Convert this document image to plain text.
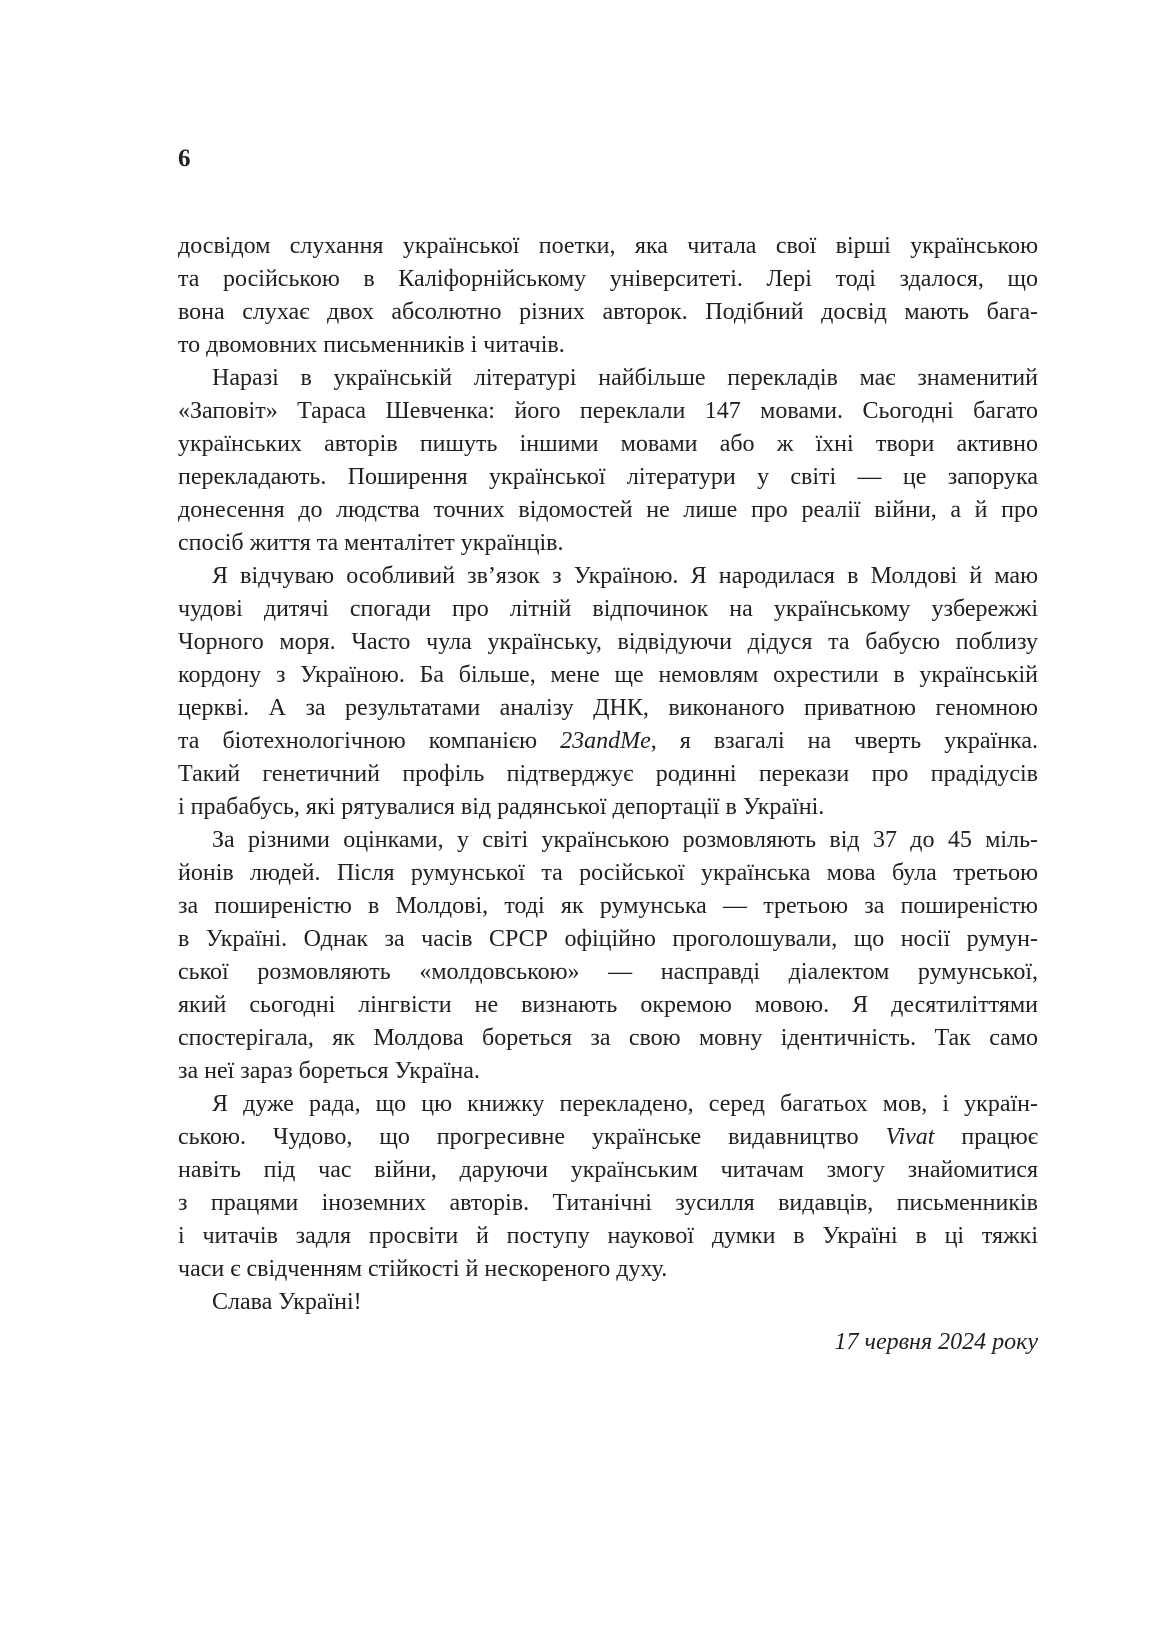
6
досвідом слухання української поетки, яка читала свої вірші українською
та російською в Каліфорнійському університеті. Лері тоді здалося, що
вона слухає двох абсолютно різних авторок. Подібний досвід мають бага-
то двомовних письменників і читачів.
Наразі в українській літературі найбільше перекладів має знаменитий
«Заповіт» Тараса Шевченка: його переклали 147 мовами. Сьогодні багато
українських авторів пишуть іншими мовами або ж їхні твори активно
перекладають. Поширення української літератури у світі — це запорука
донесення до людства точних відомостей не лише про реалії війни, а й про
спосіб життя та менталітет українців.
Я відчуваю особливий зв’язок з Україною. Я народилася в Молдові й маю
чудові дитячі спогади про літній відпочинок на українському узбережжі
Чорного моря. Часто чула українську, відвідуючи дідуся та бабусю поблизу
кордону з Україною. Ба більше, мене ще немовлям охрестили в українській
церкві. А за результатами аналізу ДНК, виконаного приватною геномною
та біотехнологічною компанією 23andMe, я взагалі на чверть українка.
Такий генетичний профіль підтверджує родинні перекази про прадідусів
і прабабусь, які рятувалися від радянської депортації в Україні.
За різними оцінками, у світі українською розмовляють від 37 до 45 міль-
йонів людей. Після румунської та російської українська мова була третьою
за поширеністю в Молдові, тоді як румунська — третьою за поширеністю
в Україні. Однак за часів СРСР офіційно проголошували, що носії румун-
ської розмовляють «молдовською» — насправді діалектом румунської,
який сьогодні лінгвісти не визнають окремою мовою. Я десятиліттями
спостерігала, як Молдова бореться за свою мовну ідентичність. Так само
за неї зараз бореться Україна.
Я дуже рада, що цю книжку перекладено, серед багатьох мов, і україн-
ською. Чудово, що прогресивне українське видавництво Vivat працює
навіть під час війни, даруючи українським читачам змогу знайомитися
з працями іноземних авторів. Титанічні зусилля видавців, письменників
і читачів задля просвіти й поступу наукової думки в Україні в ці тяжкі
часи є свідченням стійкості й нескореного духу.
Слава Україні!
17 червня 2024 року
